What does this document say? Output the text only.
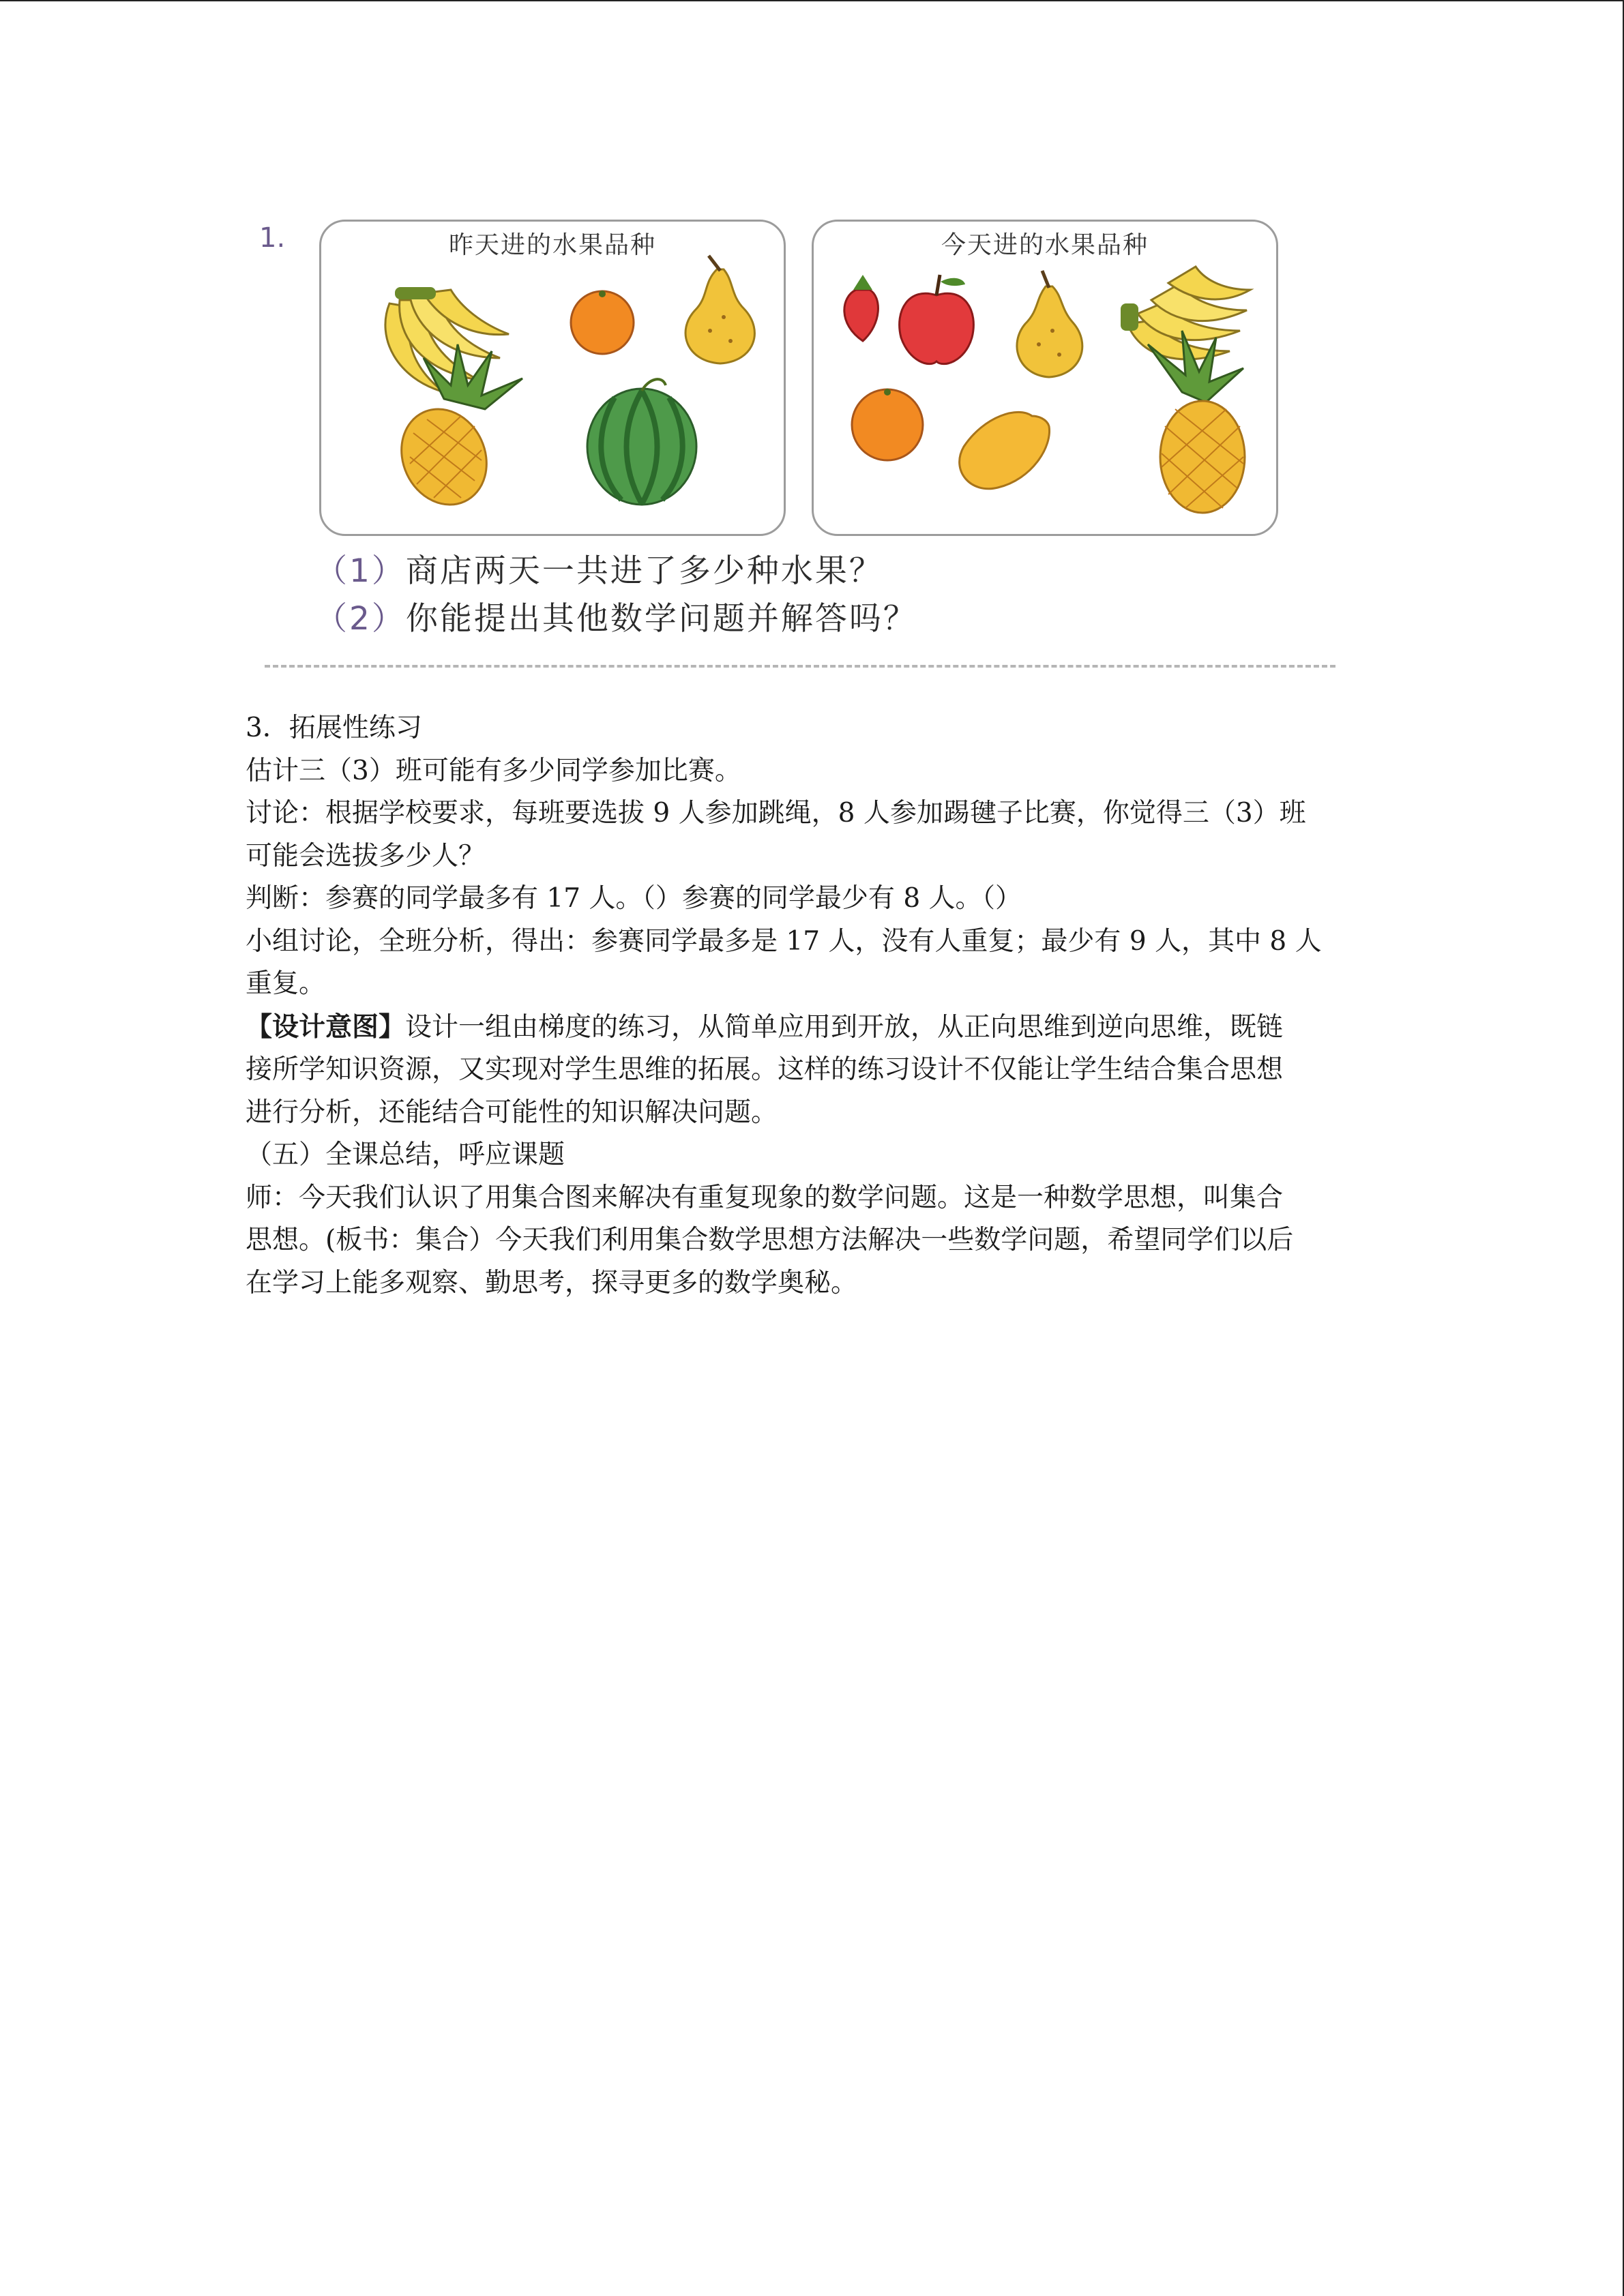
1.	昨天进的水果品种	今天进的水果品种
（1）商店两天一共进了多少种水果？
（2）你能提出其他数学问题并解答吗？

3．拓展性练习

估计三（3）班可能有多少同学参加比赛。

讨论：根据学校要求，每班要选拔 9 人参加跳绳，8 人参加踢毽子比赛，你觉得三（3）班

可能会选拔多少人？

判断：参赛的同学最多有 17 人。（）参赛的同学最少有 8 人。（）

小组讨论，全班分析，得出：参赛同学最多是 17 人，没有人重复；最少有 9 人，其中 8 人

重复。

【设计意图】设计一组由梯度的练习，从简单应用到开放，从正向思维到逆向思维，既链

接所学知识资源，又实现对学生思维的拓展。这样的练习设计不仅能让学生结合集合思想

进行分析，还能结合可能性的知识解决问题。

（五）全课总结，呼应课题

师：今天我们认识了用集合图来解决有重复现象的数学问题。这是一种数学思想，叫集合

思想。(板书：集合）今天我们利用集合数学思想方法解决一些数学问题，希望同学们以后

在学习上能多观察、勤思考，探寻更多的数学奥秘。
